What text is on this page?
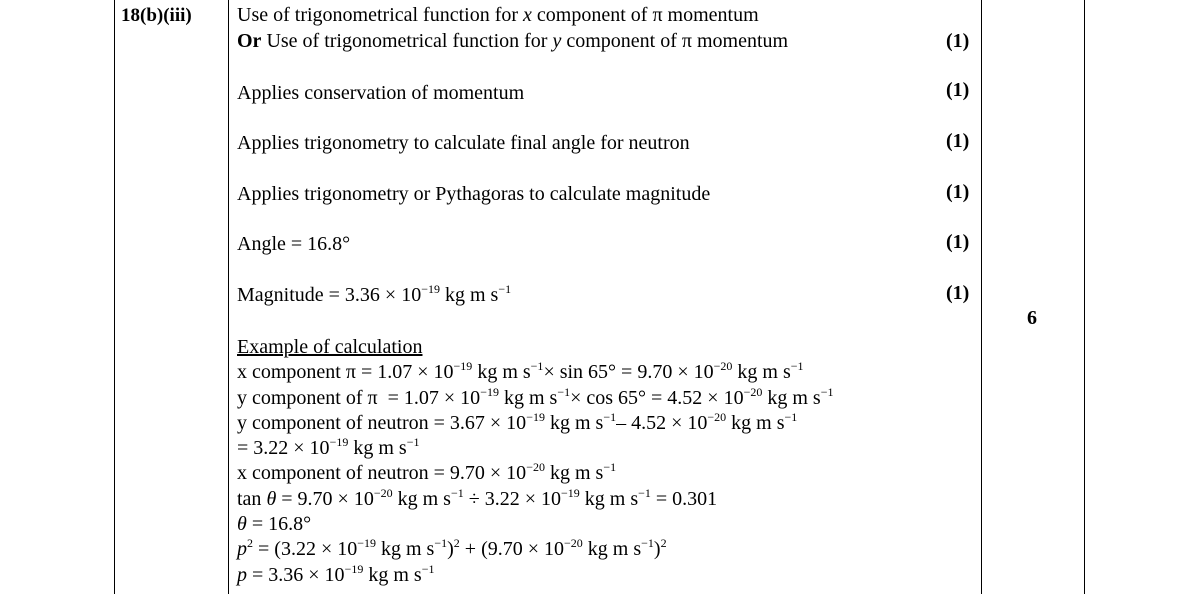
18(b)(iii) Use of trigonometrical function for x component of π momentum
Or Use of trigonometrical function for y component of π momentum	(1)
Applies conservation of momentum	(1)
Applies trigonometry to calculate final angle for neutron	(1)
Applies trigonometry or Pythagoras to calculate magnitude	(1)
Angle = 16.8°	(1)
Magnitude = $3.36 \times 10^{-19}$ kg m $s^{-1}$	(1)
6
Example of calculation
x component $\pi = 1.07 \times 10^{-19}$ kg m $s^{-1}\times \sin 65^\circ = 9.70 \times 10^{-20}$ kg m $s^{-1}$
y component of $\pi = 1.07 \times 10^{-19}$ kg m $s^{-1}\times \cos 65^\circ = 4.52 \times 10^{-20}$ kg m $s^{-1}$
y component of neutron = $3.67 \times 10^{-19}$ kg m $s^{-1}-$ $4.52 \times 10^{-20}$ kg m $s^{-1}$
= $3.22 \times 10^{-19}$ kg m $s^{-1}$
x component of neutron = $9.70 \times 10^{-20}$ kg m $s^{-1}$
$\tan \theta = 9.70 \times 10^{-20}$ kg m $s^{-1} \div 3.22 \times 10^{-19}$ kg m $s^{-1} = 0.301$
θ = 16.8°
$p^2 = (3.22 \times 10^{-19}$ kg m $s^{-1})^2 + (9.70 \times 10^{-20}$ kg m $s^{-1})^2$
$p = 3.36 \times 10^{-19}$ kg m $s^{-1}$
